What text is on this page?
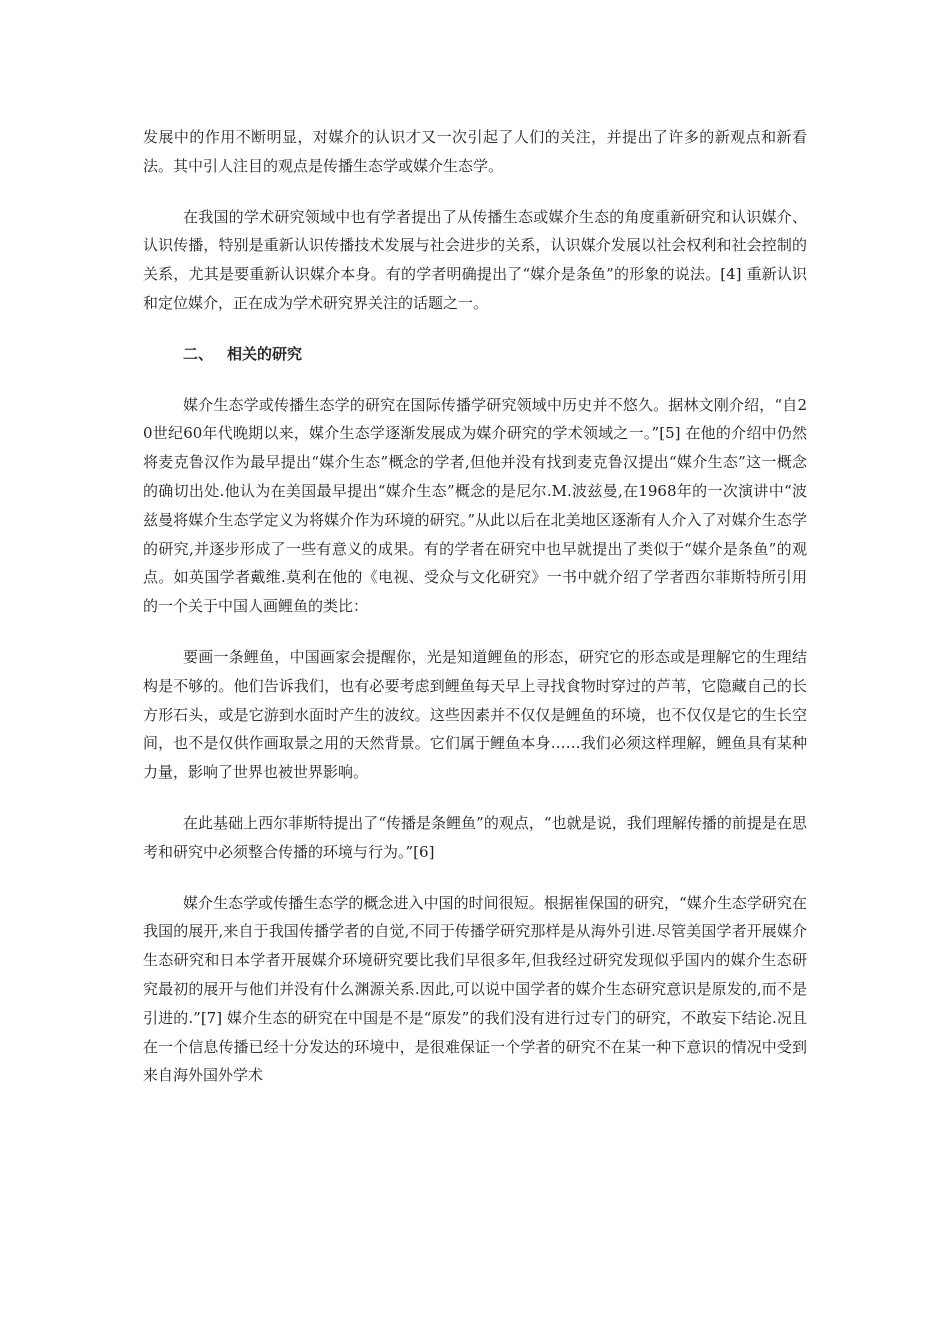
发展中的作用不断明显，对媒介的认识才又一次引起了人们的关注，并提出了许多的新观点和新看法。其中引人注目的观点是传播生态学或媒介生态学。

在我国的学术研究领域中也有学者提出了从传播生态或媒介生态的角度重新研究和认识媒介、认识传播，特别是重新认识传播技术发展与社会进步的关系，认识媒介发展以社会权利和社会控制的关系，尤其是要重新认识媒介本身。有的学者明确提出了“媒介是条鱼”的形象的说法。[4] 重新认识和定位媒介，正在成为学术研究界关注的话题之一。

二、 相关的研究

媒介生态学或传播生态学的研究在国际传播学研究领域中历史并不悠久。据林文刚介绍，“自20世纪60年代晚期以来，媒介生态学逐渐发展成为媒介研究的学术领域之一。”[5] 在他的介绍中仍然将麦克鲁汉作为最早提出“媒介生态”概念的学者,但他并没有找到麦克鲁汉提出“媒介生态”这一概念的确切出处.他认为在美国最早提出“媒介生态”概念的是尼尔.M.波兹曼,在1968年的一次演讲中“波兹曼将媒介生态学定义为将媒介作为环境的研究。”从此以后在北美地区逐渐有人介入了对媒介生态学的研究,并逐步形成了一些有意义的成果。有的学者在研究中也早就提出了类似于“媒介是条鱼”的观点。如英国学者戴维.莫利在他的《电视、受众与文化研究》一书中就介绍了学者西尔菲斯特所引用的一个关于中国人画鲤鱼的类比：

要画一条鲤鱼，中国画家会提醒你，光是知道鲤鱼的形态，研究它的形态或是理解它的生理结构是不够的。他们告诉我们，也有必要考虑到鲤鱼每天早上寻找食物时穿过的芦苇，它隐藏自己的长方形石头，或是它游到水面时产生的波纹。这些因素并不仅仅是鲤鱼的环境，也不仅仅是它的生长空间，也不是仅供作画取景之用的天然背景。它们属于鲤鱼本身……我们必须这样理解，鲤鱼具有某种力量，影响了世界也被世界影响。

在此基础上西尔菲斯特提出了“传播是条鲤鱼”的观点，“也就是说，我们理解传播的前提是在思考和研究中必须整合传播的环境与行为。”[6]

媒介生态学或传播生态学的概念进入中国的时间很短。根据崔保国的研究，“媒介生态学研究在我国的展开,来自于我国传播学者的自觉,不同于传播学研究那样是从海外引进.尽管美国学者开展媒介生态研究和日本学者开展媒介环境研究要比我们早很多年,但我经过研究发现似乎国内的媒介生态研究最初的展开与他们并没有什么渊源关系.因此,可以说中国学者的媒介生态研究意识是原发的,而不是引进的.”[7] 媒介生态的研究在中国是不是“原发”的我们没有进行过专门的研究，不敢妄下结论.况且在一个信息传播已经十分发达的环境中，是很难保证一个学者的研究不在某一种下意识的情况中受到来自海外国外学术
